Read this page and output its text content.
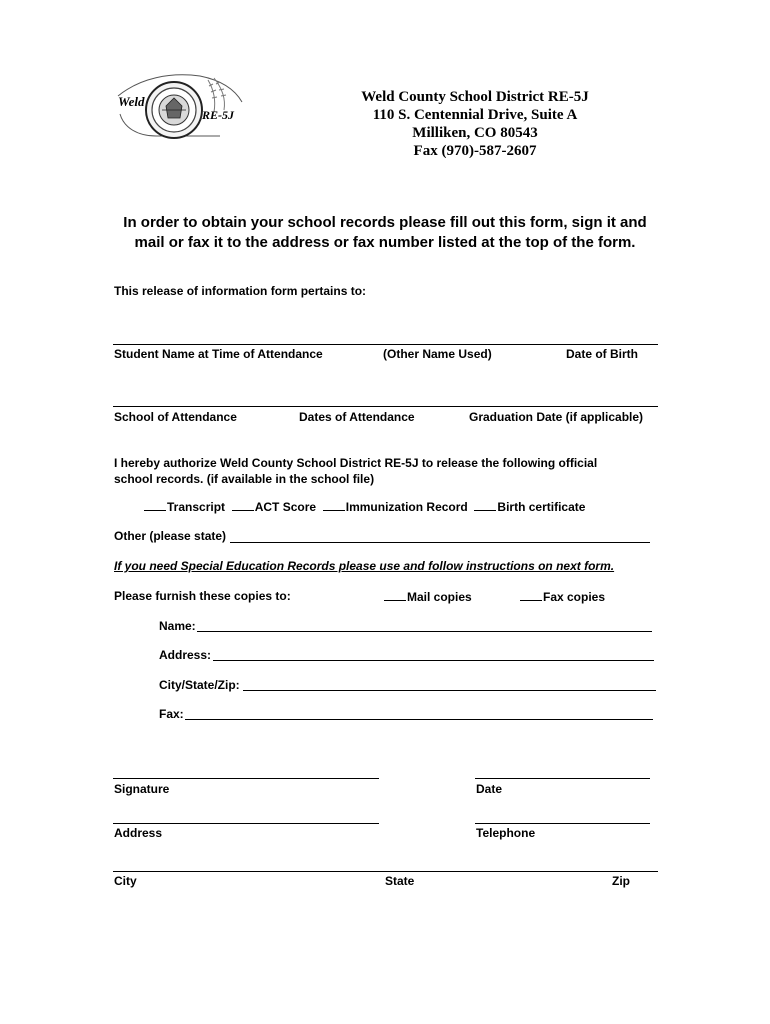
Weld
RE-5J
Weld County School District RE-5J
110 S. Centennial Drive, Suite A
Milliken, CO 80543
Fax (970)-587-2607
In order to obtain your school records please fill out this form, sign it and
mail or fax it to the address or fax number listed at the top of the form.
This release of information form pertains to:
Student Name at Time of Attendance	(Other Name Used)	Date of Birth
School of Attendance	Dates of Attendance	Graduation Date (if applicable)
I hereby authorize Weld County School District RE-5J to release the following official
school records. (if available in the school file)
Transcript ACT Score Immunization Record Birth certificate
Other (please state)
If you need Special Education Records please use and follow instructions on next form.
Please furnish these copies to:	Mail copies	Fax copies
Name:
Address:
City/State/Zip:
Fax:
Signature	Date
Address	Telephone
City	State	Zip
